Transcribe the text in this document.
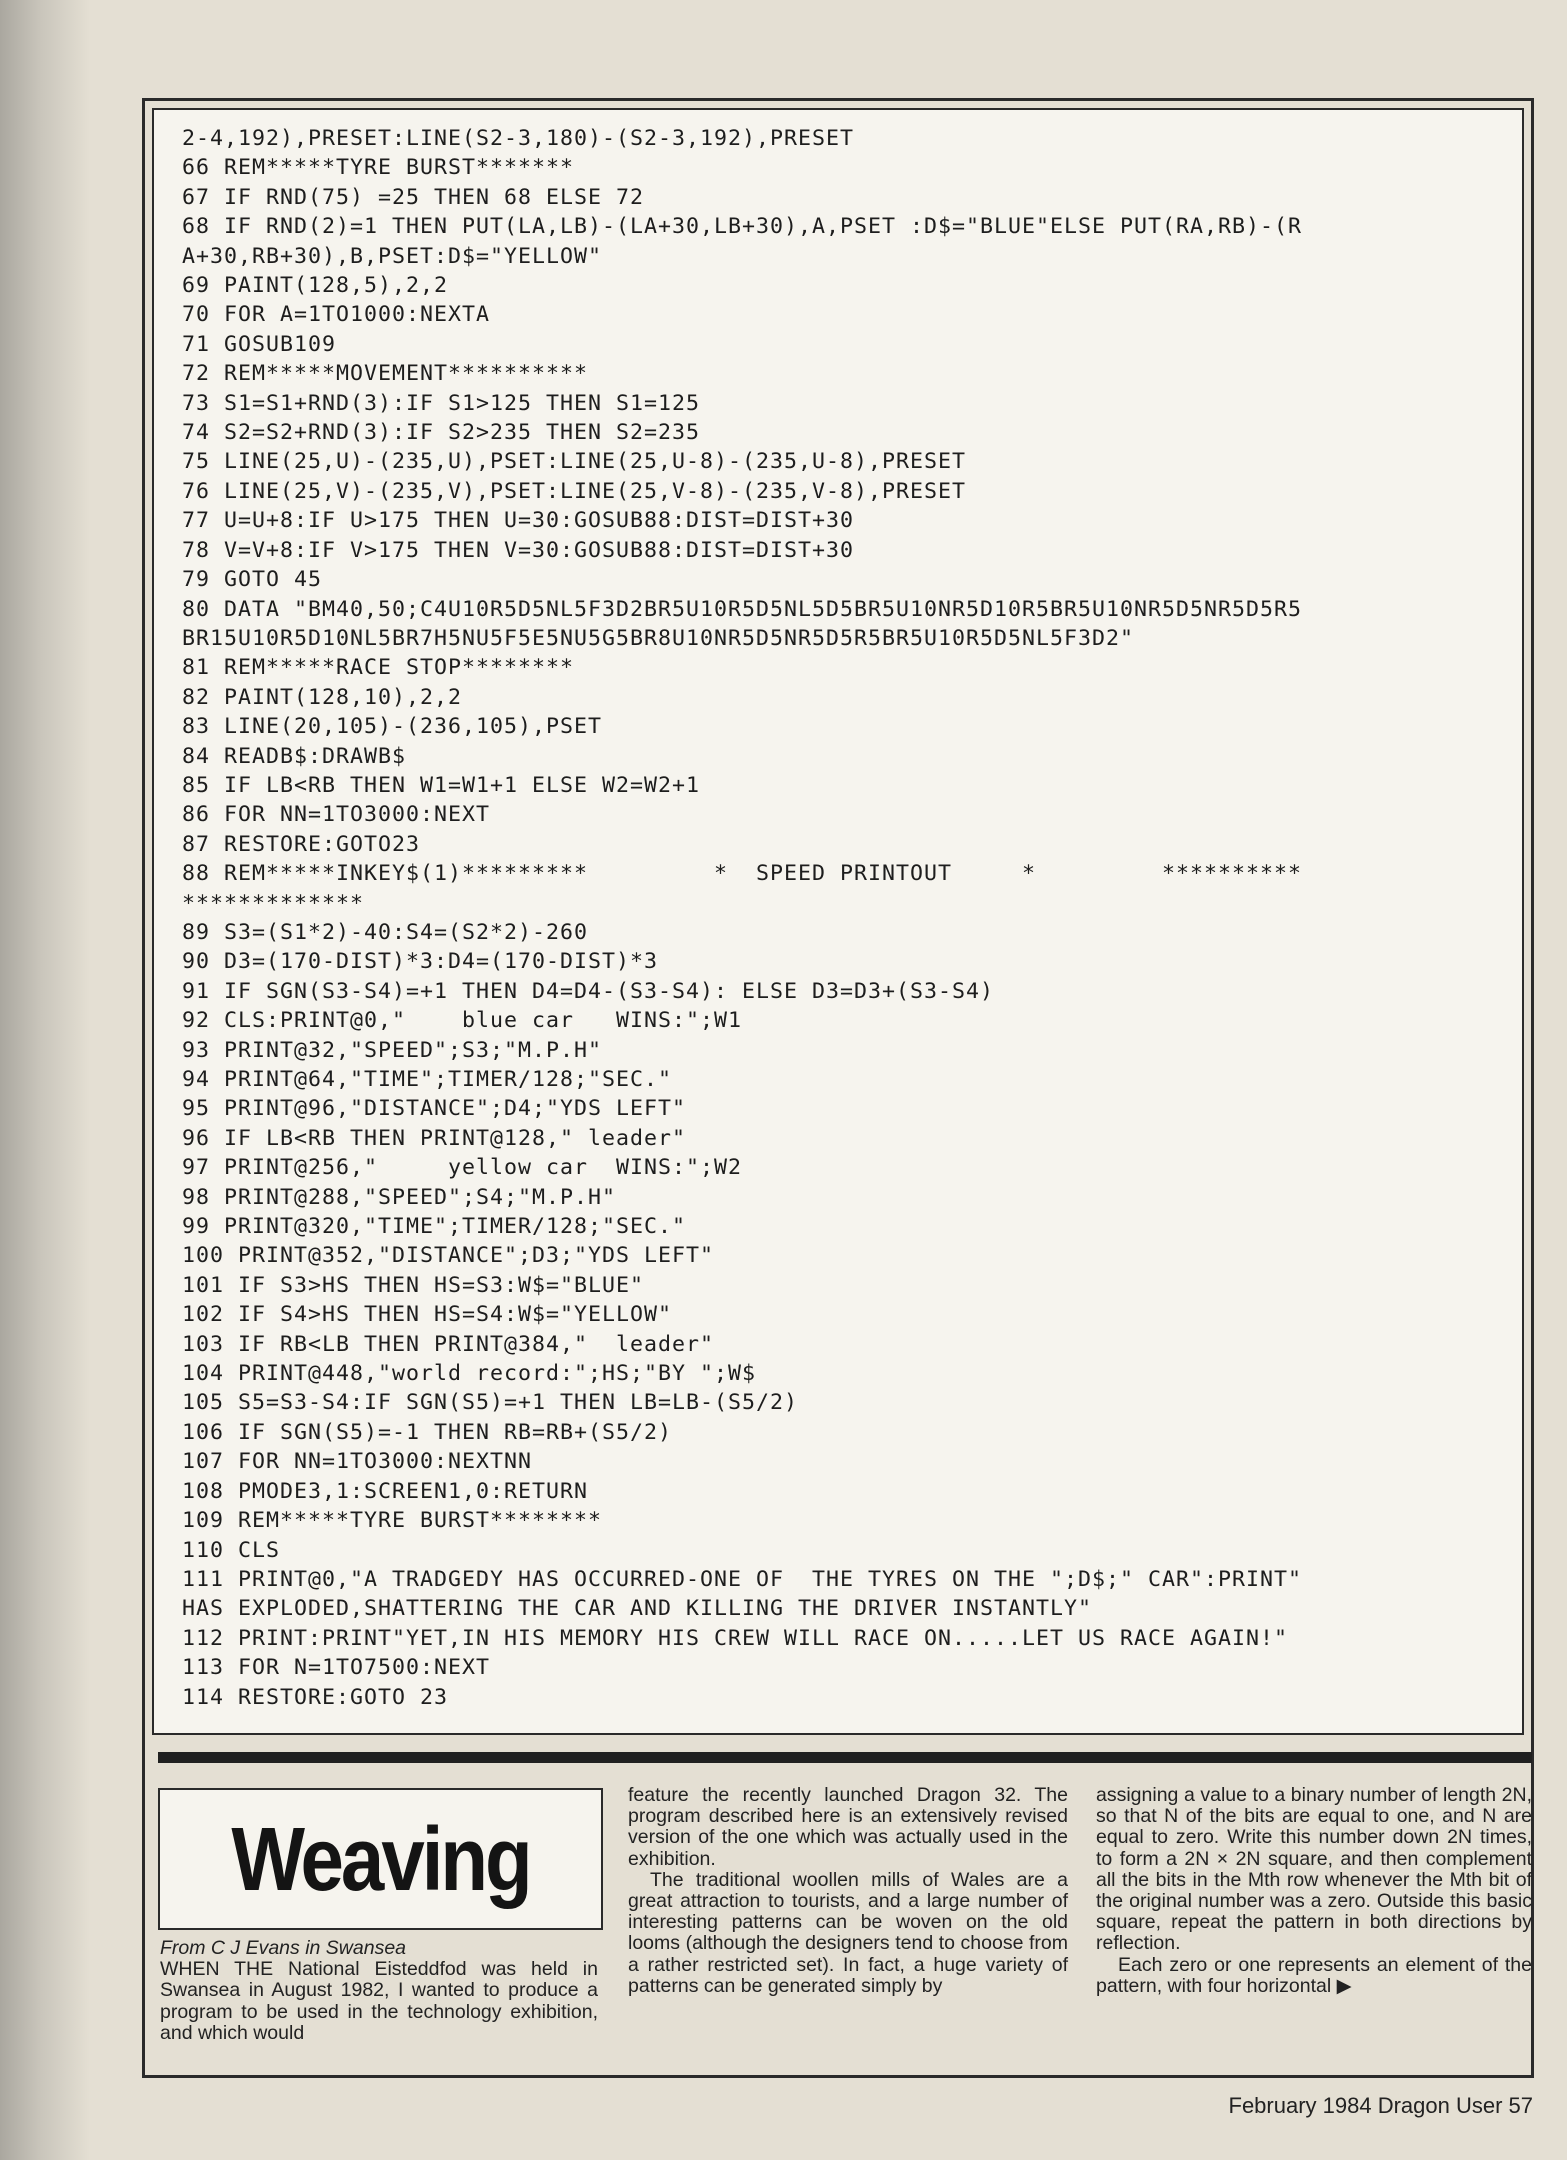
2-4,192),PRESET:LINE(S2-3,180)-(S2-3,192),PRESET
66 REM*****TYRE BURST*******
67 IF RND(75) =25 THEN 68 ELSE 72
68 IF RND(2)=1 THEN PUT(LA,LB)-(LA+30,LB+30),A,PSET :D$="BLUE"ELSE PUT(RA,RB)-(R
A+30,RB+30),B,PSET:D$="YELLOW"
69 PAINT(128,5),2,2
70 FOR A=1TO1000:NEXTA
71 GOSUB109
72 REM*****MOVEMENT**********
73 S1=S1+RND(3):IF S1>125 THEN S1=125
74 S2=S2+RND(3):IF S2>235 THEN S2=235
75 LINE(25,U)-(235,U),PSET:LINE(25,U-8)-(235,U-8),PRESET
76 LINE(25,V)-(235,V),PSET:LINE(25,V-8)-(235,V-8),PRESET
77 U=U+8:IF U>175 THEN U=30:GOSUB88:DIST=DIST+30
78 V=V+8:IF V>175 THEN V=30:GOSUB88:DIST=DIST+30
79 GOTO 45
80 DATA "BM40,50;C4U10R5D5NL5F3D2BR5U10R5D5NL5D5BR5U10NR5D10R5BR5U10NR5D5NR5D5R5
BR15U10R5D10NL5BR7H5NU5F5E5NU5G5BR8U10NR5D5NR5D5R5BR5U10R5D5NL5F3D2"
81 REM*****RACE STOP********
82 PAINT(128,10),2,2
83 LINE(20,105)-(236,105),PSET
84 READB$:DRAWB$
85 IF LB<RB THEN W1=W1+1 ELSE W2=W2+1
86 FOR NN=1TO3000:NEXT
87 RESTORE:GOTO23
88 REM*****INKEY$(1)*********         *  SPEED PRINTOUT     *         **********
*************
89 S3=(S1*2)-40:S4=(S2*2)-260
90 D3=(170-DIST)*3:D4=(170-DIST)*3
91 IF SGN(S3-S4)=+1 THEN D4=D4-(S3-S4): ELSE D3=D3+(S3-S4)
92 CLS:PRINT@0,"    blue car   WINS:";W1
93 PRINT@32,"SPEED";S3;"M.P.H"
94 PRINT@64,"TIME";TIMER/128;"SEC."
95 PRINT@96,"DISTANCE";D4;"YDS LEFT"
96 IF LB<RB THEN PRINT@128," leader"
97 PRINT@256,"     yellow car  WINS:";W2
98 PRINT@288,"SPEED";S4;"M.P.H"
99 PRINT@320,"TIME";TIMER/128;"SEC."
100 PRINT@352,"DISTANCE";D3;"YDS LEFT"
101 IF S3>HS THEN HS=S3:W$="BLUE"
102 IF S4>HS THEN HS=S4:W$="YELLOW"
103 IF RB<LB THEN PRINT@384,"  leader"
104 PRINT@448,"world record:";HS;"BY ";W$
105 S5=S3-S4:IF SGN(S5)=+1 THEN LB=LB-(S5/2)
106 IF SGN(S5)=-1 THEN RB=RB+(S5/2)
107 FOR NN=1TO3000:NEXTNN
108 PMODE3,1:SCREEN1,0:RETURN
109 REM*****TYRE BURST********
110 CLS
111 PRINT@0,"A TRADGEDY HAS OCCURRED-ONE OF  THE TYRES ON THE ";D$;" CAR":PRINT"
HAS EXPLODED,SHATTERING THE CAR AND KILLING THE DRIVER INSTANTLY"
112 PRINT:PRINT"YET,IN HIS MEMORY HIS CREW WILL RACE ON.....LET US RACE AGAIN!"
113 FOR N=1TO7500:NEXT
114 RESTORE:GOTO 23
Weaving

From C J Evans in Swansea

WHEN THE National Eisteddfod was held in Swansea in August 1982, I wanted to produce a program to be used in the technology exhibition, and which would

feature the recently launched Dragon 32. The program described here is an extensively revised version of the one which was actually used in the exhibition.

The traditional woollen mills of Wales are a great attraction to tourists, and a large number of interesting patterns can be woven on the old looms (although the designers tend to choose from a rather restricted set). In fact, a huge variety of patterns can be generated simply by

assigning a value to a binary number of length 2N, so that N of the bits are equal to one, and N are equal to zero. Write this number down 2N times, to form a 2N × 2N square, and then complement all the bits in the Mth row whenever the Mth bit of the original number was a zero. Outside this basic square, repeat the pattern in both directions by reflection.

Each zero or one represents an element of the pattern, with four horizontal ▶

February 1984 Dragon User 57
